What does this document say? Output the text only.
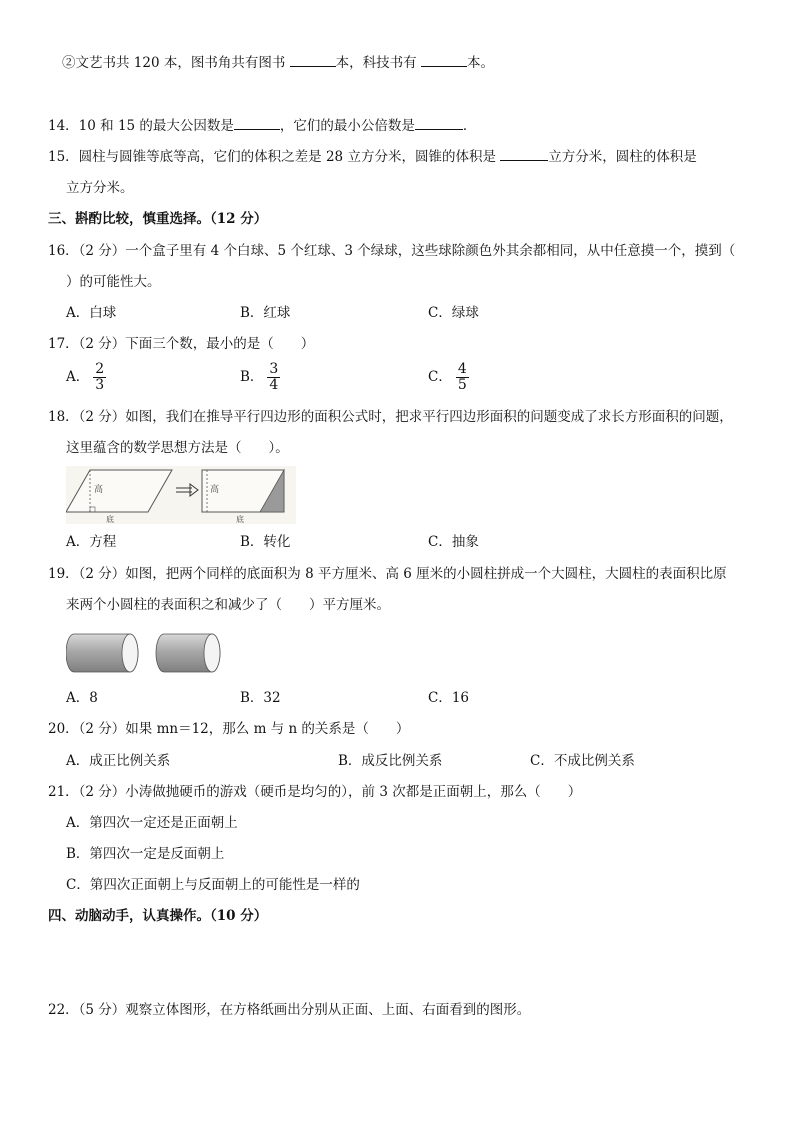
②文艺书共 120 本，图书角共有图书	本，科技书有	本。
14．10 和 15 的最大公因数是	，它们的最小公倍数是	．
15．圆柱与圆锥等底等高，它们的体积之差是 28 立方分米，圆锥的体积是	立方分米，圆柱的体积是
立方分米。
三、斟酌比较，慎重选择。（12 分）
16．（2 分）一个盒子里有 4 个白球、5 个红球、3 个绿球，这些球除颜色外其余都相同，从中任意摸一个，摸到（
）的可能性大。
A．白球	B．红球	C．绿球
17．（2 分）下面三个数，最小的是（　　）
A． $\frac{2}{3}$	B． $\frac{3}{4}$	C． $\frac{4}{5}$
18．（2 分）如图，我们在推导平行四边形的面积公式时，把求平行四边形面积的问题变成了求长方形面积的问题，
这里蕴含的数学思想方法是（　　）。
高
底
高
底
A．方程	B．转化	C．抽象
19．（2 分）如图，把两个同样的底面积为 8 平方厘米、高 6 厘米的小圆柱拼成一个大圆柱，大圆柱的表面积比原
来两个小圆柱的表面积之和减少了（　　）平方厘米。
A．8	B．32	C．16
20．（2 分）如果 mn＝12，那么 m 与 n 的关系是（　　）
A．成正比例关系	B．成反比例关系	C．不成比例关系
21．（2 分）小涛做抛硬币的游戏（硬币是均匀的），前 3 次都是正面朝上，那么（　　）
A．第四次一定还是正面朝上
B．第四次一定是反面朝上
C．第四次正面朝上与反面朝上的可能性是一样的
四、动脑动手，认真操作。（10 分）
22．（5 分）观察立体图形，在方格纸画出分别从正面、上面、右面看到的图形。
